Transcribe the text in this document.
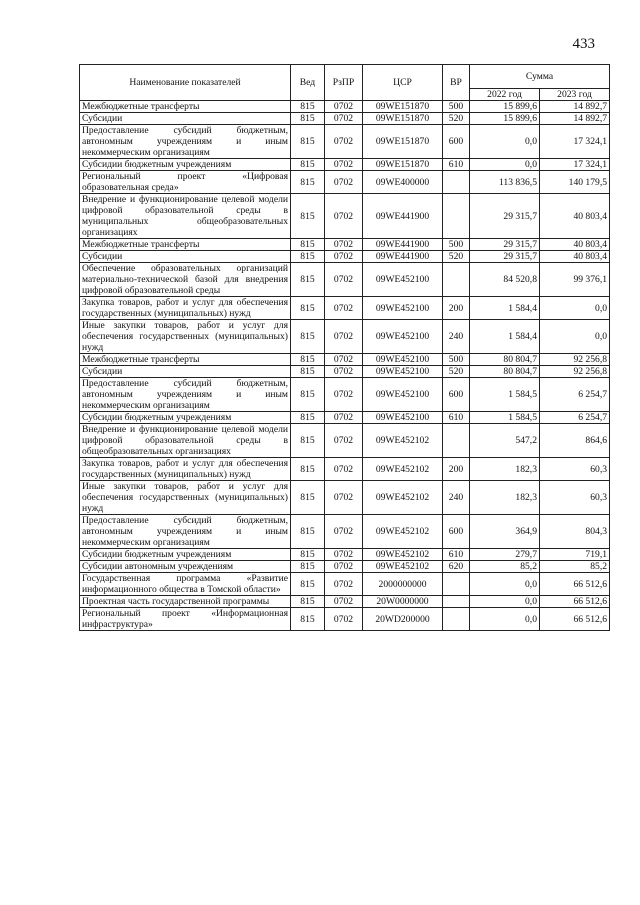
433
Наименование показателей	Вед	РзПР	ЦСР	ВР	Сумма	
					2022 год	2023 год
Межбюджетные трансферты	815	0702	09WE151870	500	15 899,6	14 892,7
Субсидии	815	0702	09WE151870	520	15 899,6	14 892,7
Предоставление субсидий бюджетным, автономным учреждениям и иным некоммерческим организациям	815	0702	09WE151870	600	0,0	17 324,1
Субсидии бюджетным учреждениям	815	0702	09WE151870	610	0,0	17 324,1
Региональный проект «Цифровая образовательная среда»	815	0702	09WE400000		113 836,5	140 179,5
Внедрение и функционирование целевой модели цифровой образовательной среды в муниципальных общеобразовательных организациях	815	0702	09WE441900		29 315,7	40 803,4
Межбюджетные трансферты	815	0702	09WE441900	500	29 315,7	40 803,4
Субсидии	815	0702	09WE441900	520	29 315,7	40 803,4
Обеспечение образовательных организаций материально-технической базой для внедрения цифровой образовательной среды	815	0702	09WE452100		84 520,8	99 376,1
Закупка товаров, работ и услуг для обеспечения государственных (муниципальных) нужд	815	0702	09WE452100	200	1 584,4	0,0
Иные закупки товаров, работ и услуг для обеспечения государственных (муниципальных) нужд	815	0702	09WE452100	240	1 584,4	0,0
Межбюджетные трансферты	815	0702	09WE452100	500	80 804,7	92 256,8
Субсидии	815	0702	09WE452100	520	80 804,7	92 256,8
Предоставление субсидий бюджетным, автономным учреждениям и иным некоммерческим организациям	815	0702	09WE452100	600	1 584,5	6 254,7
Субсидии бюджетным учреждениям	815	0702	09WE452100	610	1 584,5	6 254,7
Внедрение и функционирование целевой модели цифровой образовательной среды в общеобразовательных организациях	815	0702	09WE452102		547,2	864,6
Закупка товаров, работ и услуг для обеспечения государственных (муниципальных) нужд	815	0702	09WE452102	200	182,3	60,3
Иные закупки товаров, работ и услуг для обеспечения государственных (муниципальных) нужд	815	0702	09WE452102	240	182,3	60,3
Предоставление субсидий бюджетным, автономным учреждениям и иным некоммерческим организациям	815	0702	09WE452102	600	364,9	804,3
Субсидии бюджетным учреждениям	815	0702	09WE452102	610	279,7	719,1
Субсидии автономным учреждениям	815	0702	09WE452102	620	85,2	85,2
Государственная программа «Развитие информационного общества в Томской области»	815	0702	2000000000		0,0	66 512,6
Проектная часть государственной программы	815	0702	20W0000000		0,0	66 512,6
Региональный проект «Информационная инфраструктура»	815	0702	20WD200000		0,0	66 512,6
